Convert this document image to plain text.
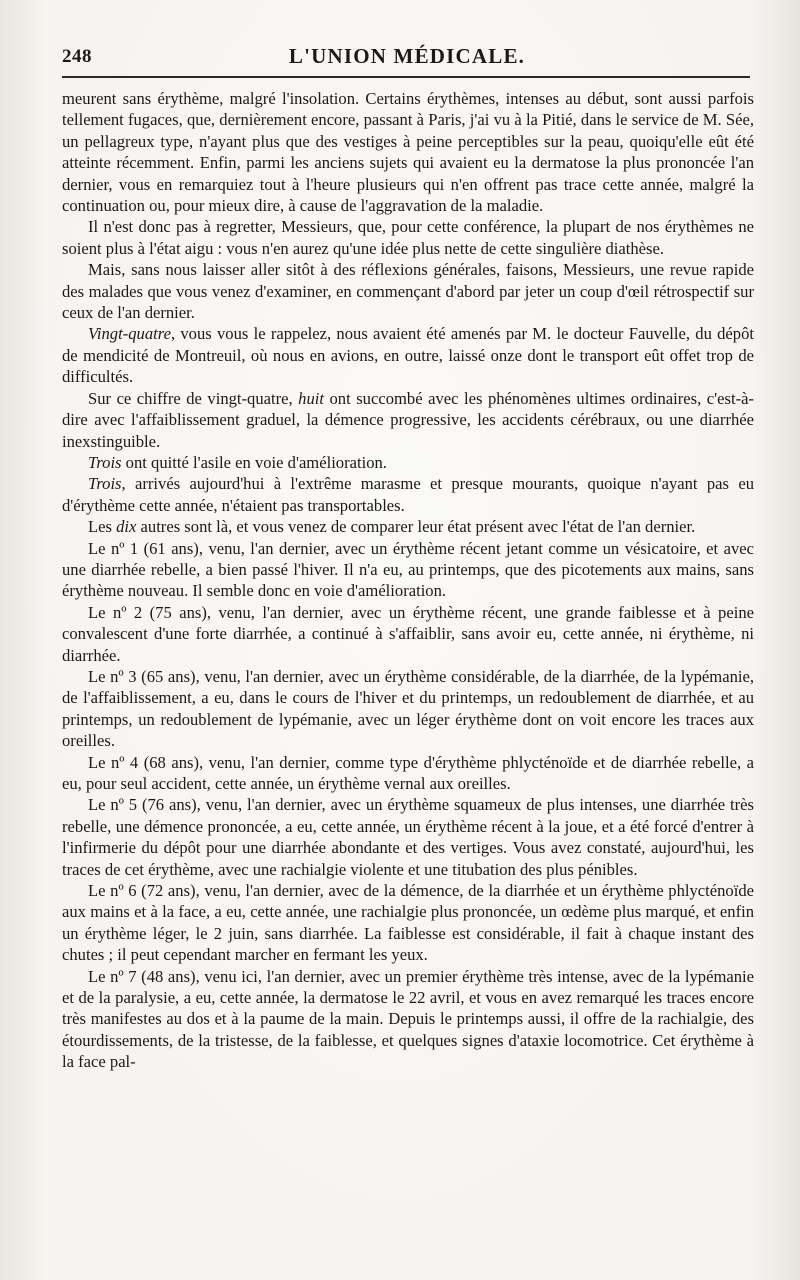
248	L'UNION MÉDICALE.

meurent sans érythème, malgré l'insolation. Certains érythèmes, intenses au début, sont aussi parfois tellement fugaces, que, dernièrement encore, passant à Paris, j'ai vu à la Pitié, dans le service de M. Sée, un pellagreux type, n'ayant plus que des vestiges à peine perceptibles sur la peau, quoiqu'elle eût été atteinte récemment. Enfin, parmi les anciens sujets qui avaient eu la dermatose la plus prononcée l'an dernier, vous en remarquiez tout à l'heure plusieurs qui n'en offrent pas trace cette année, malgré la continuation ou, pour mieux dire, à cause de l'aggravation de la maladie.

Il n'est donc pas à regretter, Messieurs, que, pour cette conférence, la plupart de nos érythèmes ne soient plus à l'état aigu : vous n'en aurez qu'une idée plus nette de cette singulière diathèse.

Mais, sans nous laisser aller sitôt à des réflexions générales, faisons, Messieurs, une revue rapide des malades que vous venez d'examiner, en commençant d'abord par jeter un coup d'œil rétrospectif sur ceux de l'an dernier.

Vingt-quatre, vous vous le rappelez, nous avaient été amenés par M. le docteur Fauvelle, du dépôt de mendicité de Montreuil, où nous en avions, en outre, laissé onze dont le transport eût offet trop de difficultés.

Sur ce chiffre de vingt-quatre, huit ont succombé avec les phénomènes ultimes ordinaires, c'est-à-dire avec l'affaiblissement graduel, la démence progressive, les accidents cérébraux, ou une diarrhée inexstinguible.

Trois ont quitté l'asile en voie d'amélioration.

Trois, arrivés aujourd'hui à l'extrême marasme et presque mourants, quoique n'ayant pas eu d'érythème cette année, n'étaient pas transportables.

Les dix autres sont là, et vous venez de comparer leur état présent avec l'état de l'an dernier.

Le nº 1 (61 ans), venu, l'an dernier, avec un érythème récent jetant comme un vésicatoire, et avec une diarrhée rebelle, a bien passé l'hiver. Il n'a eu, au printemps, que des picotements aux mains, sans érythème nouveau. Il semble donc en voie d'amélioration.

Le nº 2 (75 ans), venu, l'an dernier, avec un érythème récent, une grande faiblesse et à peine convalescent d'une forte diarrhée, a continué à s'affaiblir, sans avoir eu, cette année, ni érythème, ni diarrhée.

Le nº 3 (65 ans), venu, l'an dernier, avec un érythème considérable, de la diarrhée, de la lypémanie, de l'affaiblissement, a eu, dans le cours de l'hiver et du printemps, un redoublement de diarrhée, et au printemps, un redoublement de lypémanie, avec un léger érythème dont on voit encore les traces aux oreilles.

Le nº 4 (68 ans), venu, l'an dernier, comme type d'érythème phlycténoïde et de diarrhée rebelle, a eu, pour seul accident, cette année, un érythème vernal aux oreilles.

Le nº 5 (76 ans), venu, l'an dernier, avec un érythème squameux de plus intenses, une diarrhée très rebelle, une démence prononcée, a eu, cette année, un érythème récent à la joue, et a été forcé d'entrer à l'infirmerie du dépôt pour une diarrhée abondante et des vertiges. Vous avez constaté, aujourd'hui, les traces de cet érythème, avec une rachialgie violente et une titubation des plus pénibles.

Le nº 6 (72 ans), venu, l'an dernier, avec de la démence, de la diarrhée et un érythème phlycténoïde aux mains et à la face, a eu, cette année, une rachialgie plus prononcée, un œdème plus marqué, et enfin un érythème léger, le 2 juin, sans diarrhée. La faiblesse est considérable, il fait à chaque instant des chutes ; il peut cependant marcher en fermant les yeux.

Le nº 7 (48 ans), venu ici, l'an dernier, avec un premier érythème très intense, avec de la lypémanie et de la paralysie, a eu, cette année, la dermatose le 22 avril, et vous en avez remarqué les traces encore très manifestes au dos et à la paume de la main. Depuis le printemps aussi, il offre de la rachialgie, des étourdissements, de la tristesse, de la faiblesse, et quelques signes d'ataxie locomotrice. Cet érythème à la face pal-
